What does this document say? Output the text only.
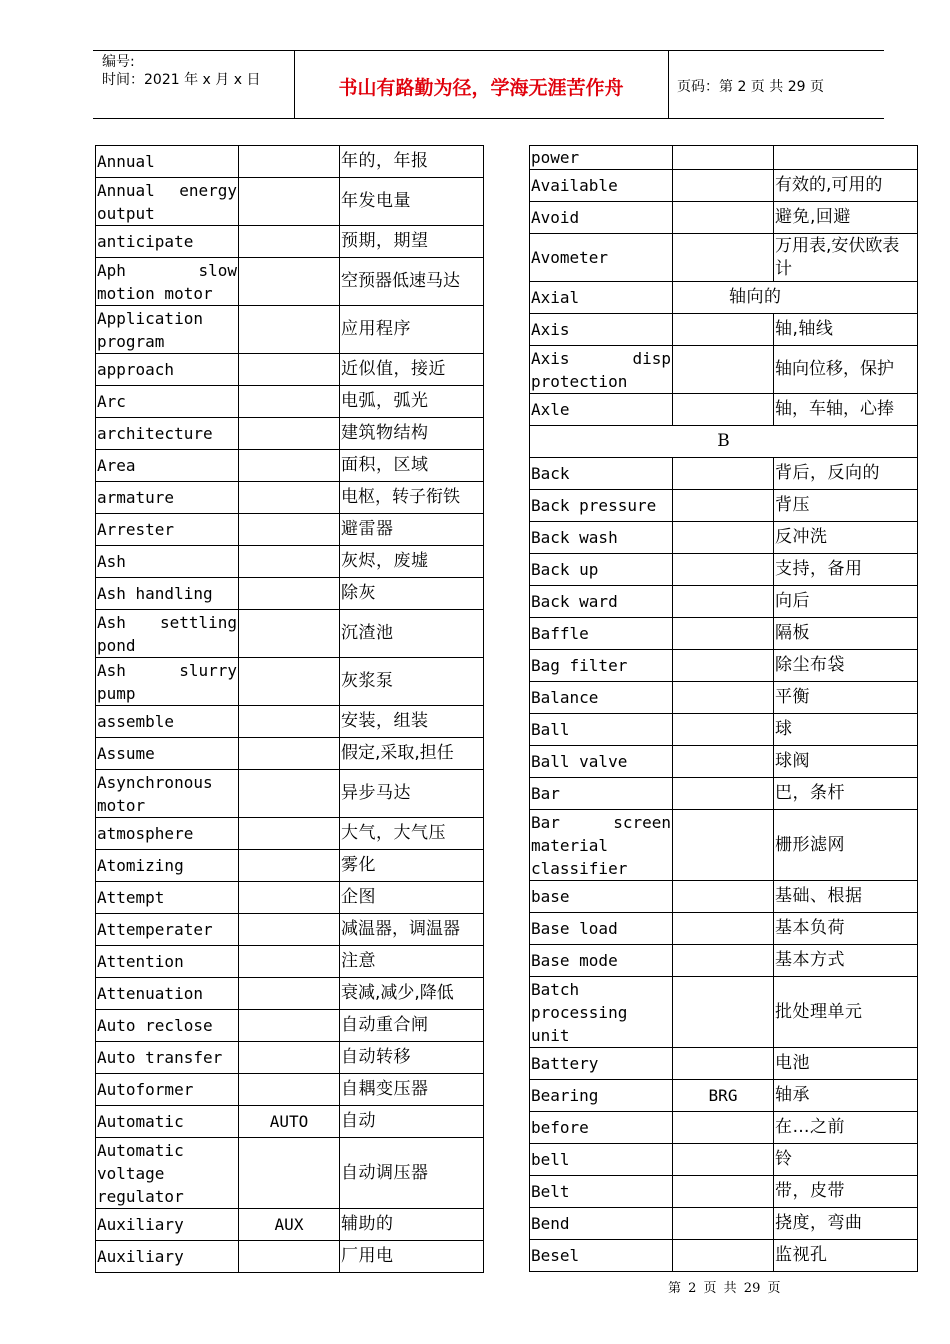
编号:
时间：2021 年 x 月 x 日	书山有路勤为径，学海无涯苦作舟	页码：第 2 页 共 29 页
Annual		年的，年报
Annual energy output		年发电量
anticipate		预期，期望
Aph slow motion motor		空预器低速马达
Application program		应用程序
approach		近似值，接近
Arc		电弧，弧光
architecture		建筑物结构
Area		面积，区域
armature		电枢，转子衔铁
Arrester		避雷器
Ash		灰烬，废墟
Ash handling		除灰
Ash settling pond		沉渣池
Ash slurry pump		灰浆泵
assemble		安装，组装
Assume		假定,采取,担任
Asynchronous motor		异步马达
atmosphere		大气，大气压
Atomizing		雾化
Attempt		企图
Attemperater		减温器，调温器
Attention		注意
Attenuation		衰减,减少,降低
Auto reclose		自动重合闸
Auto transfer		自动转移
Autoformer		自耦变压器
Automatic	AUTO	自动
Automatic voltage regulator		自动调压器
Auxiliary	AUX	辅助的
Auxiliary		厂用电
power		
Available		有效的,可用的
Avoid		避免,回避
Avometer		万用表,安伏欧表计
Axial	轴向的	
Axis		轴,轴线
Axis disp protection		轴向位移，保护
Axle		轴，车轴，心捧
B		
Back		背后，反向的
Back pressure		背压
Back wash		反冲洗
Back up		支持，备用
Back ward		向后
Baffle		隔板
Bag filter		除尘布袋
Balance		平衡
Ball		球
Ball valve		球阀
Bar		巴，条杆
Bar screen material classifier		栅形滤网
base		基础、根据
Base load		基本负荷
Base mode		基本方式
Batch processing unit		批处理单元
Battery		电池
Bearing	BRG	轴承
before		在…之前
bell		铃
Belt		带，皮带
Bend		挠度，弯曲
Besel		监视孔
第 2 页 共 29 页
